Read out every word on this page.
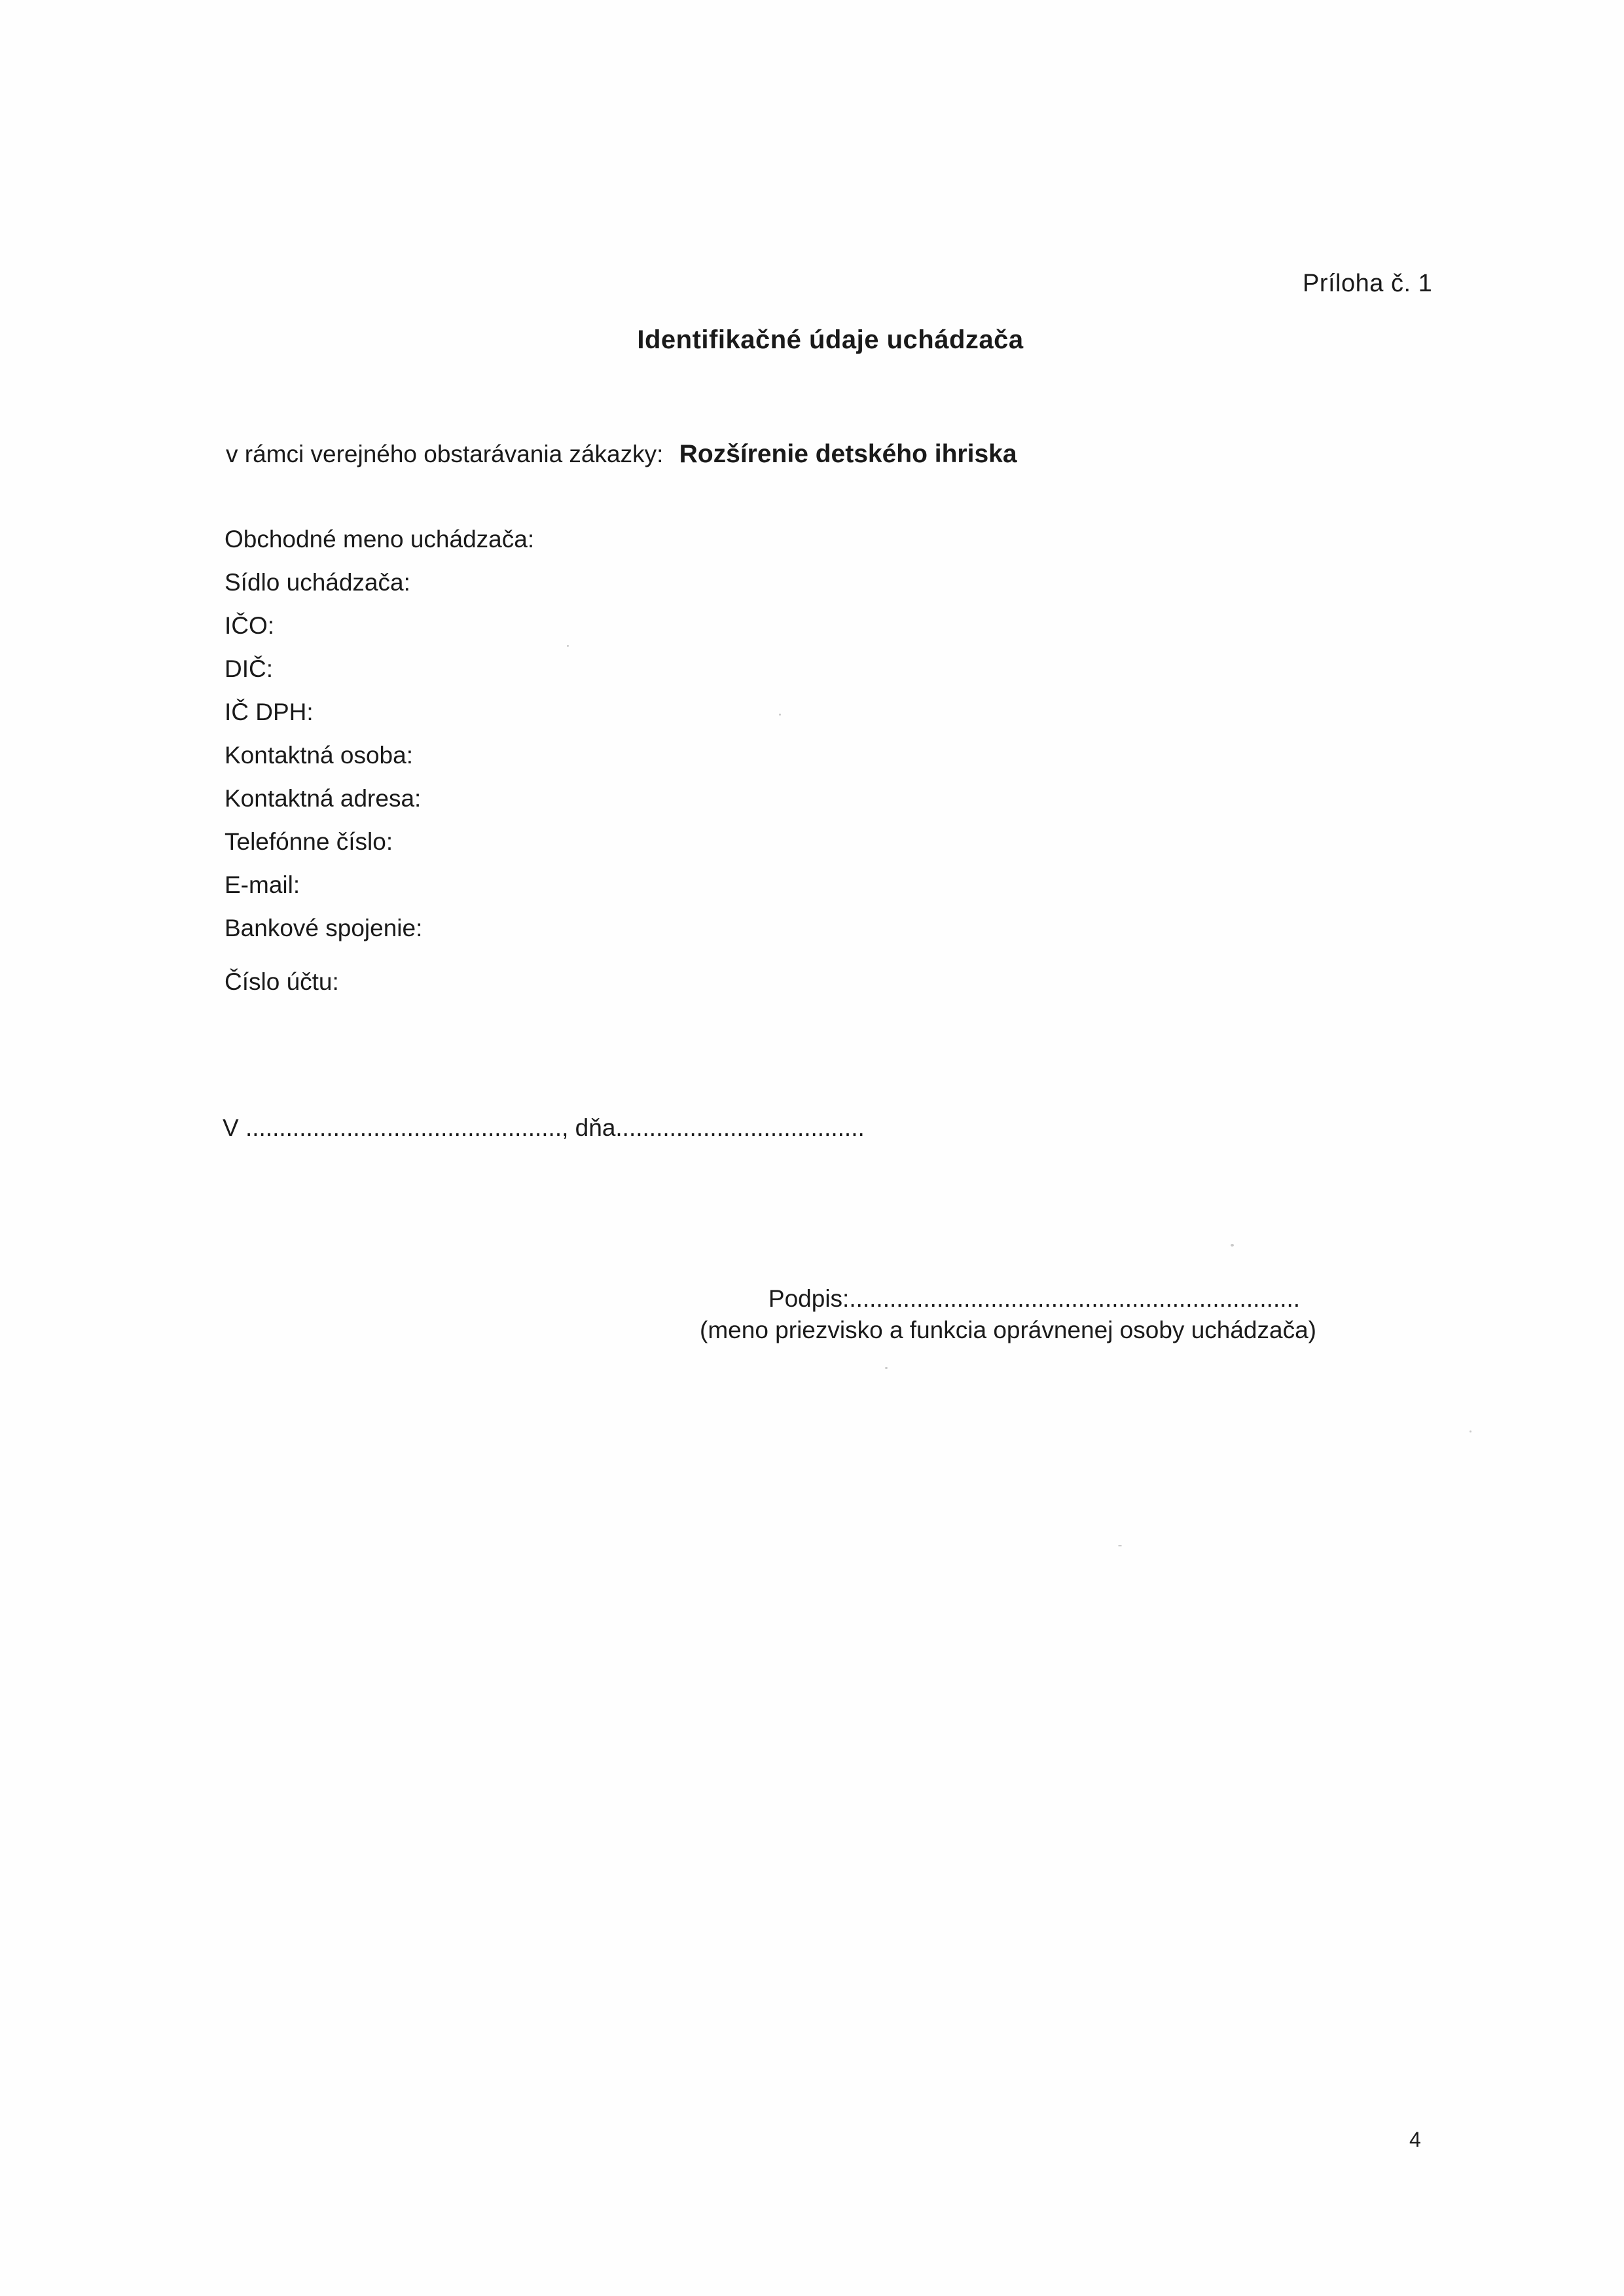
Príloha č. 1
Identifikačné údaje uchádzača
v rámci verejného obstarávania zákazky: Rozšírenie detského ihriska
Obchodné meno uchádzača:
Sídlo uchádzača:
IČO:
DIČ:
IČ DPH:
Kontaktná osoba:
Kontaktná adresa:
Telefónne číslo:
E-mail:
Bankové spojenie:
Číslo účtu:
V ..............................................., dňa.....................................
Podpis:...................................................................
(meno priezvisko a funkcia oprávnenej osoby uchádzača)
4
